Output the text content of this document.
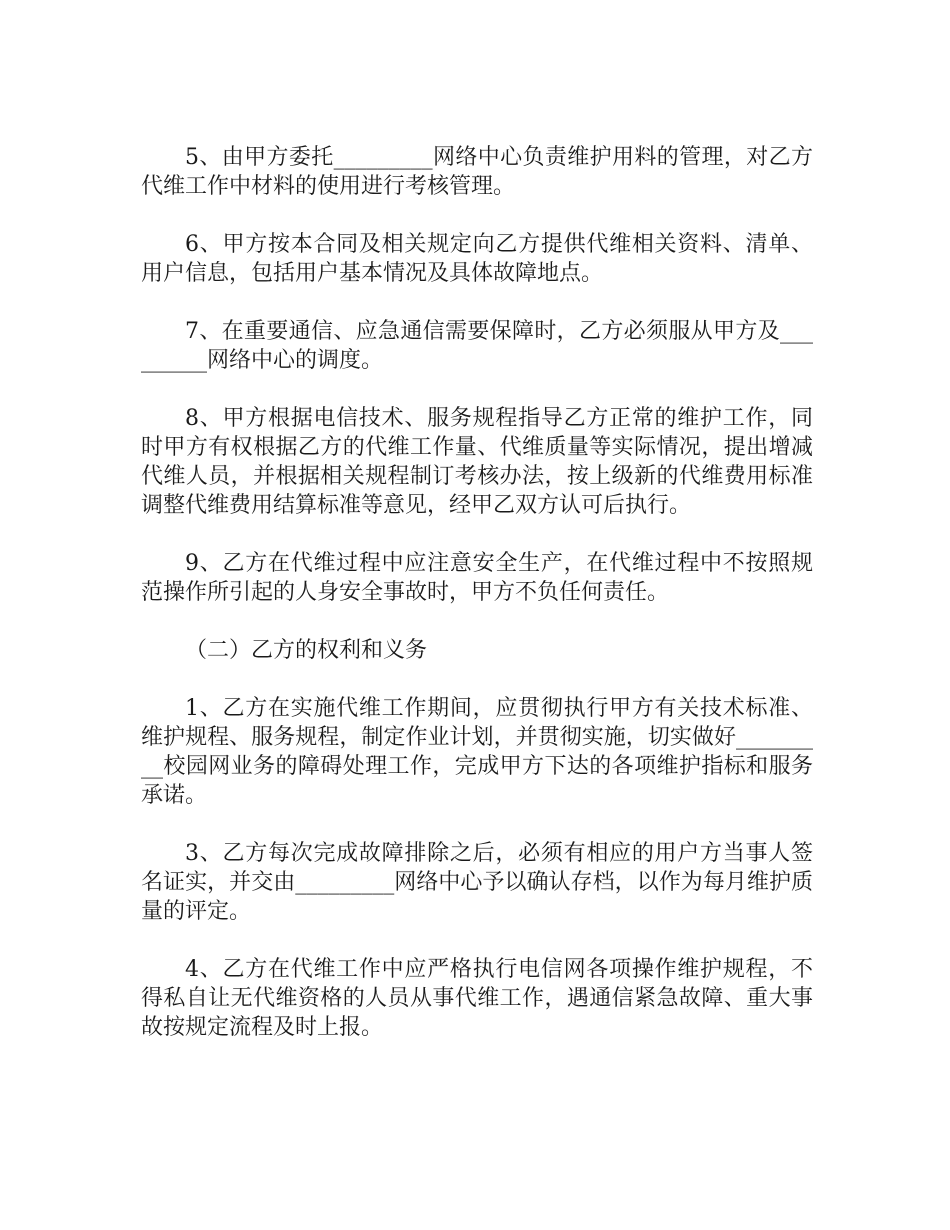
5、由甲方委托_________网络中心负责维护用料的管理，对乙方代维工作中材料的使用进行考核管理。

6、甲方按本合同及相关规定向乙方提供代维相关资料、清单、用户信息，包括用户基本情况及具体故障地点。

7、在重要通信、应急通信需要保障时，乙方必须服从甲方及_________网络中心的调度。

8、甲方根据电信技术、服务规程指导乙方正常的维护工作，同时甲方有权根据乙方的代维工作量、代维质量等实际情况，提出增减代维人员，并根据相关规程制订考核办法，按上级新的代维费用标准调整代维费用结算标准等意见，经甲乙双方认可后执行。

9、乙方在代维过程中应注意安全生产，在代维过程中不按照规范操作所引起的人身安全事故时，甲方不负任何责任。

（二）乙方的权利和义务

1、乙方在实施代维工作期间，应贯彻执行甲方有关技术标准、维护规程、服务规程，制定作业计划，并贯彻实施，切实做好_________校园网业务的障碍处理工作，完成甲方下达的各项维护指标和服务承诺。

3、乙方每次完成故障排除之后，必须有相应的用户方当事人签名证实，并交由_________网络中心予以确认存档，以作为每月维护质量的评定。

4、乙方在代维工作中应严格执行电信网各项操作维护规程，不得私自让无代维资格的人员从事代维工作，遇通信紧急故障、重大事故按规定流程及时上报。
